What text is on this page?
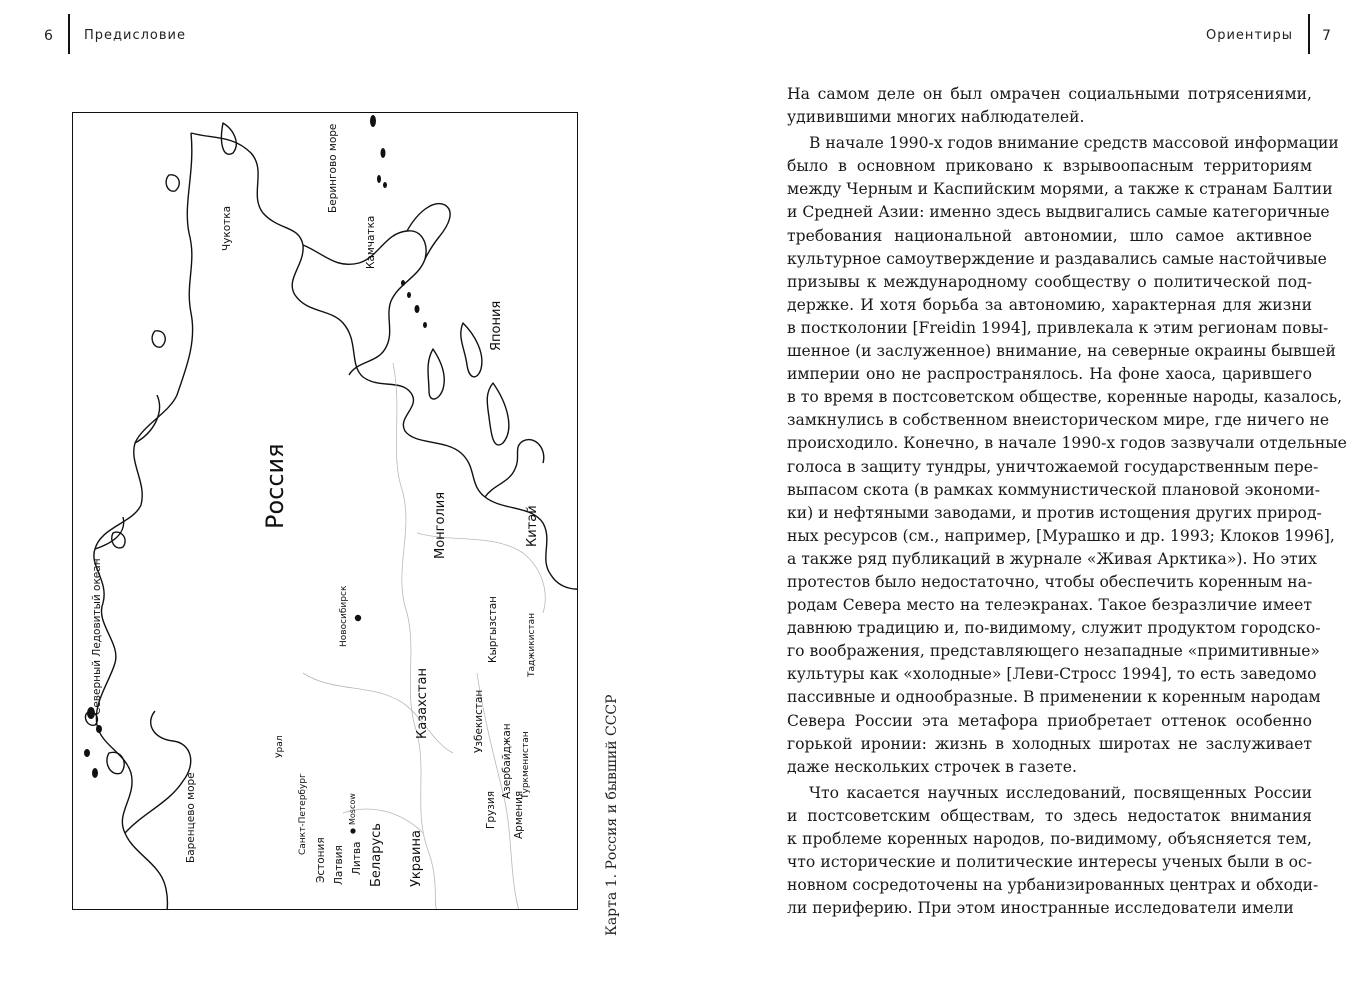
6 Предисловие
Северный Ледовитый океан
Баренцево море
Урал
Санкт-Петербург	Moscow
Эстония Латвия Литва Беларусь Украина
Россия
Новосибирск
Казахстан
Грузия Армения
Азербайджан
Узбекистан
Туркменистан
Кыргызстан	Таджикистан
Монголия	Китай
Япония
Чукотка	Камчатка
Берингово море
Карта 1. Россия и бывший СССР
Ориентиры 7
На самом деле он был омрачен социальными потрясениями,
удивившими многих наблюдателей.
В начале 1990-х годов внимание средств массовой информации
было в основном приковано к взрывоопасным территориям
между Черным и Каспийским морями, а также к странам Балтии
и Средней Азии: именно здесь выдвигались самые категоричные
требования национальной автономии, шло самое активное
культурное самоутверждение и раздавались самые настойчивые
призывы к международному сообществу о политической под-
держке. И хотя борьба за автономию, характерная для жизни
в постколонии [Freidin 1994], привлекала к этим регионам повы-
шенное (и заслуженное) внимание, на северные окраины бывшей
империи оно не распространялось. На фоне хаоса, царившего
в то время в постсоветском обществе, коренные народы, казалось,
замкнулись в собственном внеисторическом мире, где ничего не
происходило. Конечно, в начале 1990-х годов зазвучали отдельные
голоса в защиту тундры, уничтожаемой государственным пере-
выпасом скота (в рамках коммунистической плановой экономи-
ки) и нефтяными заводами, и против истощения других природ-
ных ресурсов (см., например, [Мурашко и др. 1993; Клоков 1996],
а также ряд публикаций в журнале «Живая Арктика»). Но этих
протестов было недостаточно, чтобы обеспечить коренным на-
родам Севера место на телеэкранах. Такое безразличие имеет
давнюю традицию и, по-видимому, служит продуктом городско-
го воображения, представляющего незападные «примитивные»
культуры как «холодные» [Леви-Стросс 1994], то есть заведомо
пассивные и однообразные. В применении к коренным народам
Севера России эта метафора приобретает оттенок особенно
горькой иронии: жизнь в холодных широтах не заслуживает
даже нескольких строчек в газете.
Что касается научных исследований, посвященных России
и постсоветским обществам, то здесь недостаток внимания
к проблеме коренных народов, по-видимому, объясняется тем,
что исторические и политические интересы ученых были в ос-
новном сосредоточены на урбанизированных центрах и обходи-
ли периферию. При этом иностранные исследователи имели
